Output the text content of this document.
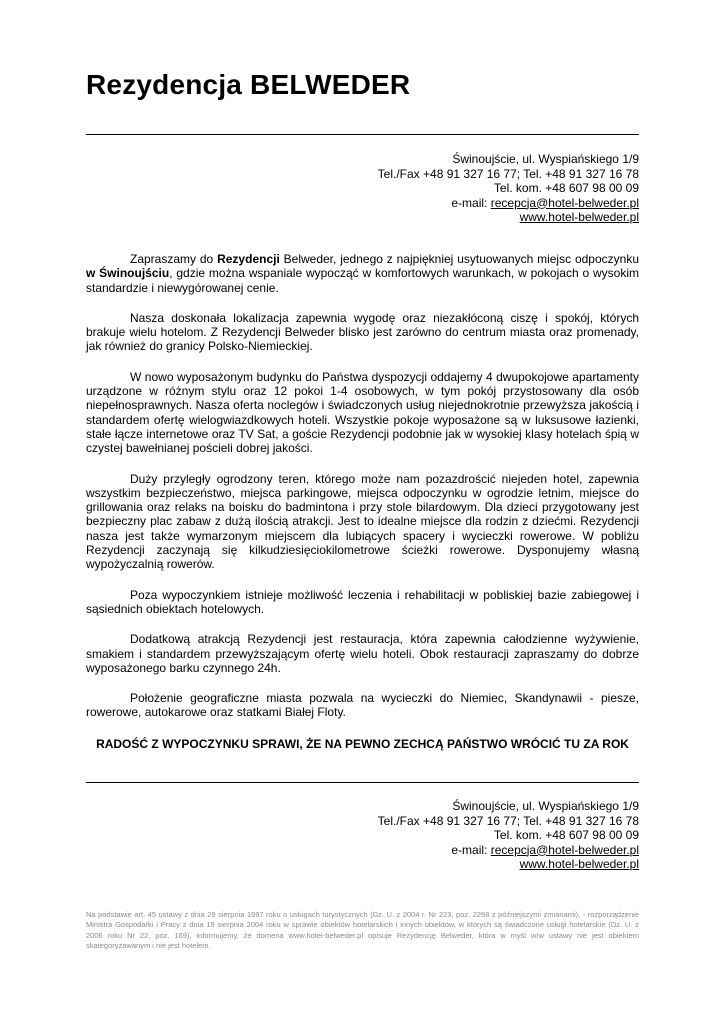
Rezydencja BELWEDER
Świnoujście, ul. Wyspiańskiego 1/9
Tel./Fax +48 91 327 16 77; Tel. +48 91 327 16 78
Tel. kom. +48 607 98 00 09
e-mail: recepcja@hotel-belweder.pl
www.hotel-belweder.pl

Zapraszamy do Rezydencji Belweder, jednego z najpiękniej usytuowanych miejsc odpoczynku w Świnoujściu, gdzie można wspaniale wypocząć w komfortowych warunkach, w pokojach o wysokim standardzie i niewygórowanej cenie.

Nasza doskonała lokalizacja zapewnia wygodę oraz niezakłóconą ciszę i spokój, których brakuje wielu hotelom. Z Rezydencji Belweder blisko jest zarówno do centrum miasta oraz promenady, jak również do granicy Polsko-Niemieckiej.

W nowo wyposażonym budynku do Państwa dyspozycji oddajemy 4 dwupokojowe apartamenty urządzone w różnym stylu oraz 12 pokoi 1-4 osobowych, w tym pokój przystosowany dla osób niepełnosprawnych. Nasza oferta noclegów i świadczonych usług niejednokrotnie przewyższa jakością i standardem ofertę wielogwiazdkowych hoteli. Wszystkie pokoje wyposażone są w luksusowe łazienki, stałe łącze internetowe oraz TV Sat, a goście Rezydencji podobnie jak w wysokiej klasy hotelach śpią w czystej bawełnianej pościeli dobrej jakości.

Duży przyległy ogrodzony teren, którego może nam pozazdrościć niejeden hotel, zapewnia wszystkim bezpieczeństwo, miejsca parkingowe, miejsca odpoczynku w ogrodzie letnim, miejsce do grillowania oraz relaks na boisku do badmintona i przy stole bilardowym. Dla dzieci przygotowany jest bezpieczny plac zabaw z dużą ilością atrakcji. Jest to idealne miejsce dla rodzin z dziećmi. Rezydencji nasza jest także wymarzonym miejscem dla lubiących spacery i wycieczki rowerowe. W pobliżu Rezydencji zaczynają się kilkudziesięciokilometrowe ścieżki rowerowe. Dysponujemy własną wypożyczalnią rowerów.

Poza wypoczynkiem istnieje możliwość leczenia i rehabilitacji w pobliskiej bazie zabiegowej i sąsiednich obiektach hotelowych.

Dodatkową atrakcją Rezydencji jest restauracja, która zapewnia całodzienne wyżywienie, smakiem i standardem przewyższającym ofertę wielu hoteli. Obok restauracji zapraszamy do dobrze wyposażonego barku czynnego 24h.

Położenie geograficzne miasta pozwala na wycieczki do Niemiec, Skandynawii - piesze, rowerowe, autokarowe oraz statkami Białej Floty.

RADOŚĆ Z WYPOCZYNKU SPRAWI, ŻE NA PEWNO ZECHCĄ PAŃSTWO WRÓCIĆ TU ZA ROK
Świnoujście, ul. Wyspiańskiego 1/9
Tel./Fax +48 91 327 16 77; Tel. +48 91 327 16 78
Tel. kom. +48 607 98 00 09
e-mail: recepcja@hotel-belweder.pl
www.hotel-belweder.pl
Na podstawie art. 45 ustawy z dnia 29 sierpnia 1997 roku o usługach turystycznych (Dz. U. z 2004 r. Nr 223, poz. 2268 z późniejszymi zmianami), - rozporządzenie Ministra Gospodarki i Pracy z dnia 19 sierpnia 2004 roku w sprawie obiektów hotelarskich i innych obiektów, w których są świadczone usługi hotelarskie (Dz. U. z 2006 roku Nr 22, poz. 169), informujemy, że domena www.hotel-belweder.pl opisuje Rezydencję Belweder, która w myśl w/w ustawy nie jest obiektem skategoryzowanym i nie jest hotelem.
